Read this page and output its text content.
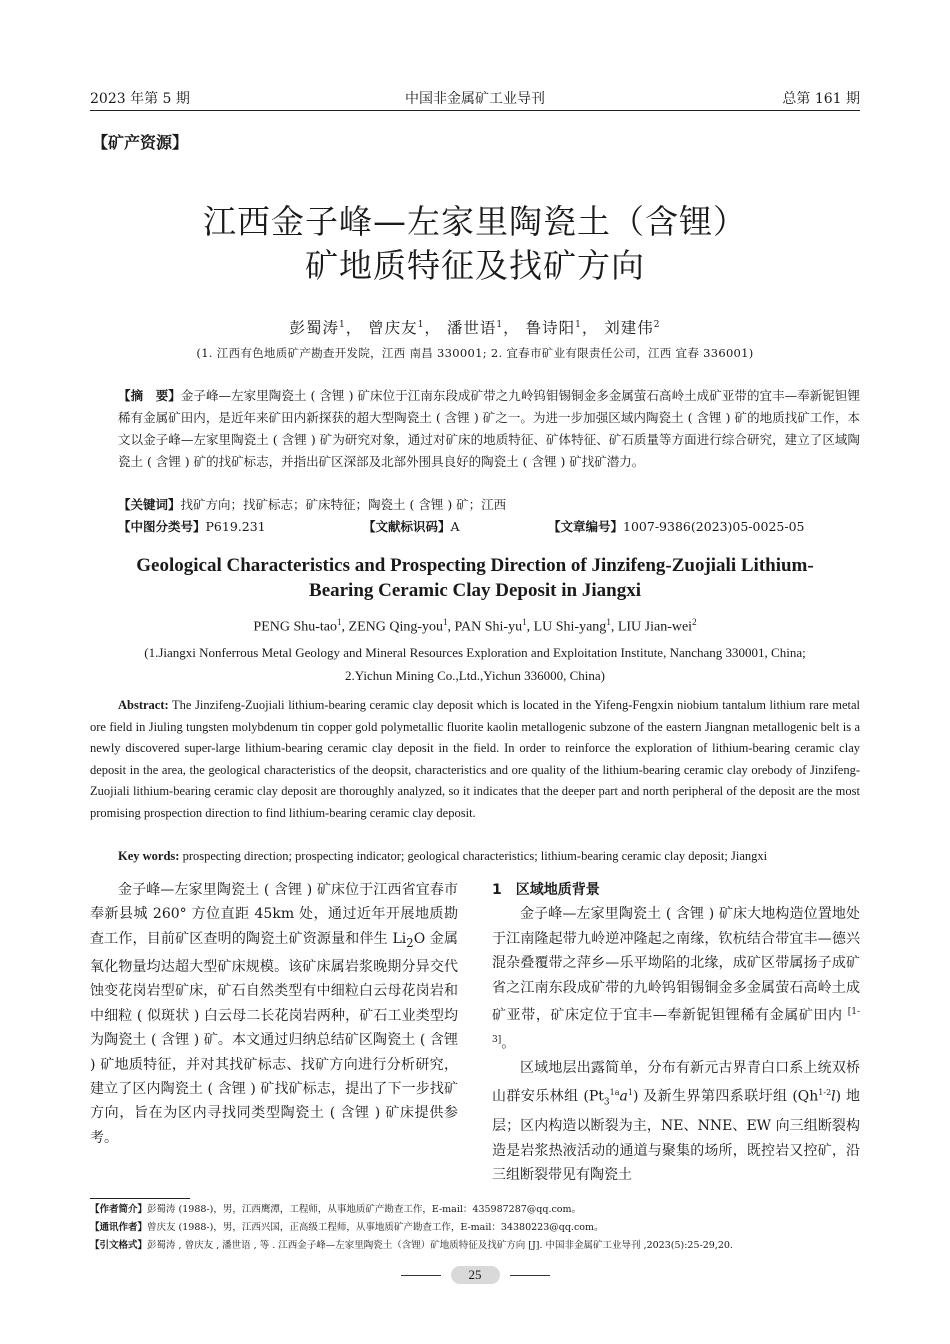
2023 年第 5 期	中国非金属矿工业导刊	总第 161 期
【矿产资源】
江西金子峰—左家里陶瓷土（含锂）
矿地质特征及找矿方向
彭蜀涛$^1$， 曾庆友$^1$， 潘世语$^1$， 鲁诗阳$^1$， 刘建伟$^2$
(1. 江西有色地质矿产勘查开发院，江西 南昌 330001; 2. 宜春市矿业有限责任公司，江西 宜春 336001)
【摘　要】金子峰—左家里陶瓷土 ( 含锂 ) 矿床位于江南东段成矿带之九岭钨钼锡铜金多金属萤石高岭土成矿亚带的宜丰—奉新铌钽锂稀有金属矿田内，是近年来矿田内新探获的超大型陶瓷土 ( 含锂 ) 矿之一。为进一步加强区域内陶瓷土 ( 含锂 ) 矿的地质找矿工作，本文以金子峰—左家里陶瓷土 ( 含锂 ) 矿为研究对象，通过对矿床的地质特征、矿体特征、矿石质量等方面进行综合研究，建立了区域陶瓷土 ( 含锂 ) 矿的找矿标志，并指出矿区深部及北部外围具良好的陶瓷土 ( 含锂 ) 矿找矿潜力。
【关键词】找矿方向；找矿标志；矿床特征；陶瓷土 ( 含锂 ) 矿；江西
【中图分类号】P619.231	【文献标识码】A	【文章编号】1007-9386(2023)05-0025-05
Geological Characteristics and Prospecting Direction of Jinzifeng-Zuojiali Lithium-
Bearing Ceramic Clay Deposit in Jiangxi
PENG Shu-tao$^1$, ZENG Qing-you$^1$, PAN Shi-$yu^1$, LU Shi-yang$^1$, LIU Jian-wei$^2$
(1.Jiangxi Nonferrous Metal Geology and Mineral Resources Exploration and Exploitation Institute, Nanchang 330001, China;
2.Yichun Mining Co.,Ltd.,Yichun 336000, China)
Abstract: The Jinzifeng-Zuojiali lithium-bearing ceramic clay deposit which is located in the Yifeng-Fengxin niobium tantalum lithium rare metal ore field in Jiuling tungsten molybdenum tin copper gold polymetallic fluorite kaolin metallogenic subzone of the eastern Jiangnan metallogenic belt is a newly discovered super-large lithium-bearing ceramic clay deposit in the field. In order to reinforce the exploration of lithium-bearing ceramic clay deposit in the area, the geological characteristics of the deopsit, characteristics and ore quality of the lithium-bearing ceramic clay orebody of Jinzifeng-Zuojiali lithium-bearing ceramic clay deposit are thoroughly analyzed, so it indicates that the deeper part and north peripheral of the deposit are the most promising prospection direction to find lithium-bearing ceramic clay deposit.
Key words: prospecting direction; prospecting indicator; geological characteristics; lithium-bearing ceramic clay deposit; Jiangxi

金子峰—左家里陶瓷土 ( 含锂 ) 矿床位于江西省宜春市奉新县城 260° 方位直距 45km 处，通过近年开展地质勘查工作，目前矿区查明的陶瓷土矿资源量和伴生 $Li_2O$ 金属氧化物量均达超大型矿床规模。该矿床属岩浆晚期分异交代蚀变花岗岩型矿床，矿石自然类型有中细粒白云母花岗岩和中细粒 ( 似斑状 ) 白云母二长花岗岩两种，矿石工业类型均为陶瓷土 ( 含锂 ) 矿。本文通过归纳总结矿区陶瓷土 ( 含锂 ) 矿地质特征，并对其找矿标志、找矿方向进行分析研究，建立了区内陶瓷土 ( 含锂 ) 矿找矿标志，提出了下一步找矿方向，旨在为区内寻找同类型陶瓷土 ( 含锂 ) 矿床提供参考。

1　区域地质背景

金子峰—左家里陶瓷土 ( 含锂 ) 矿床大地构造位置地处于江南隆起带九岭逆冲隆起之南缘，钦杭结合带宜丰—德兴混杂叠覆带之萍乡—乐平坳陷的北缘，成矿区带属扬子成矿省之江南东段成矿带的九岭钨钼锡铜金多金属萤石高岭土成矿亚带，矿床定位于宜丰—奉新铌钽锂稀有金属矿田内 [1-3]。

区域地层出露简单，分布有新元古界青白口系上统双桥山群安乐林组 $(Pt_3^{1a}a^1)$ 及新生界第四系联圩组 (Qh$^{1-2}$l) 地层；区内构造以断裂为主，NE、NNE、EW 向三组断裂构造是岩浆热液活动的通道与聚集的场所，既控岩又控矿，沿三组断裂带见有陶瓷土

【作者简介】彭蜀涛 (1988-)，男，江西鹰潭，工程师，从事地质矿产勘查工作，E-mail：435987287@qq.com。
【通讯作者】曾庆友 (1988-)，男，江西兴国，正高级工程师，从事地质矿产勘查工作，E-mail：34380223@qq.com。
【引文格式】彭蜀涛 , 曾庆友 , 潘世语 , 等 . 江西金子峰—左家里陶瓷土（含锂）矿地质特征及找矿方向 [J]. 中国非金属矿工业导刊 ,2023(5):25-29,20.
25
